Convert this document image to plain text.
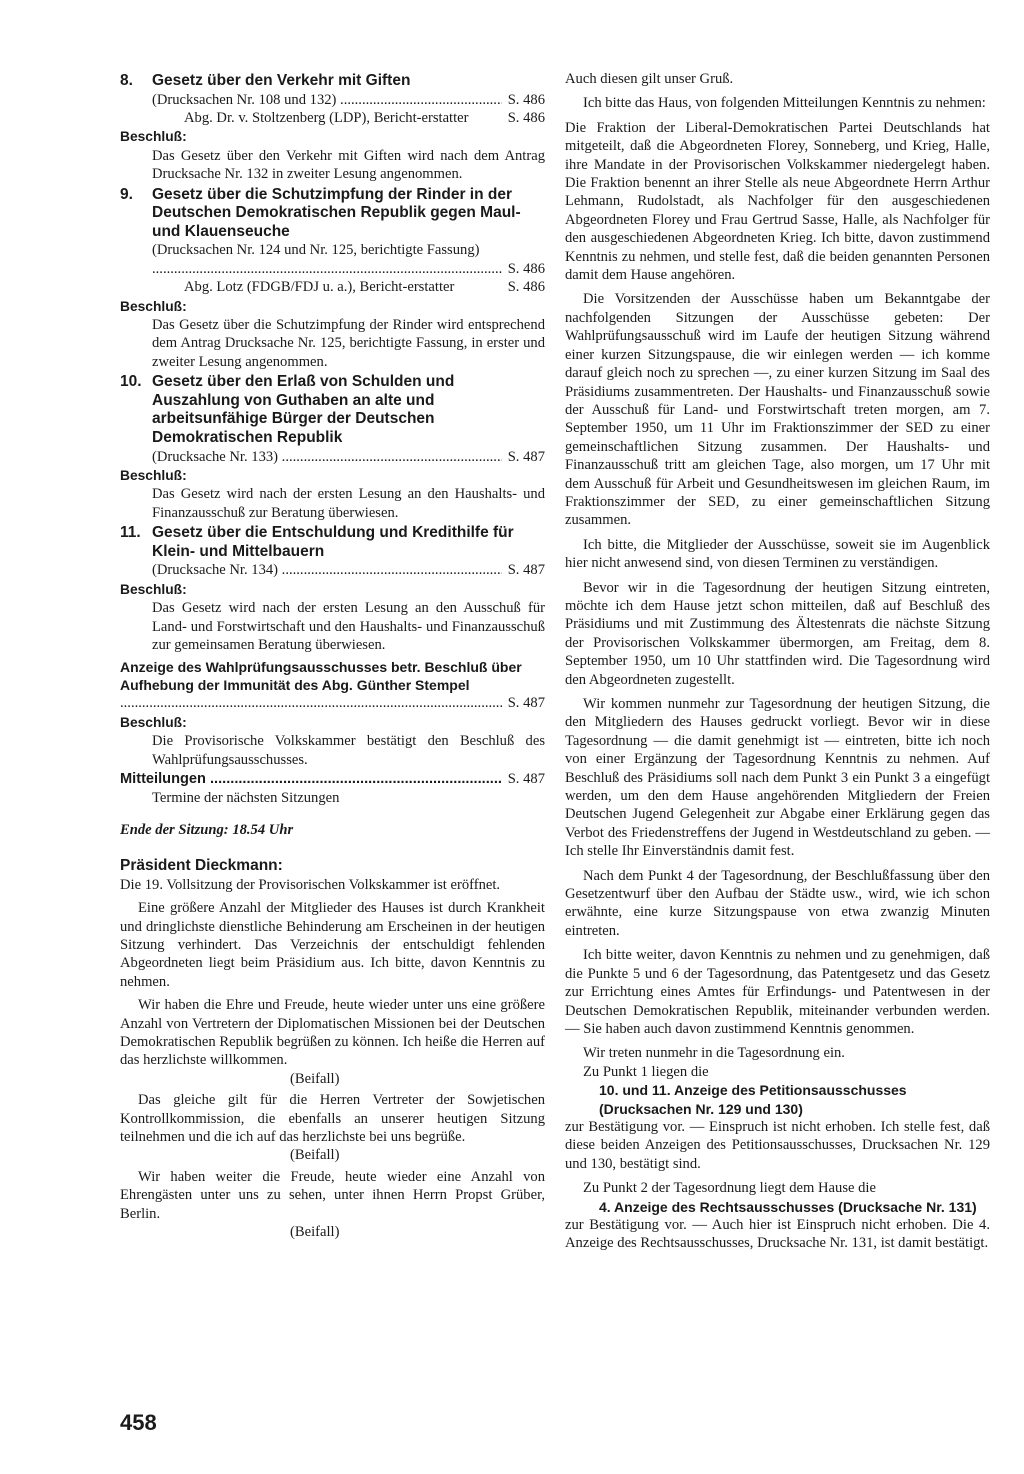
8.	Gesetz über den Verkehr mit Giften
(Drucksachen Nr. 108 und 132) .....	S. 486
Abg. Dr. v. Stoltzenberg (LDP), Bericht-erstatter	S. 486
Beschluß:
Das Gesetz über den Verkehr mit Giften wird nach dem Antrag Drucksache Nr. 132 in zweiter Lesung angenommen.
9.	Gesetz über die Schutzimpfung der Rinder in der Deutschen Demokratischen Republik gegen Maul- und Klauenseuche
(Drucksachen Nr. 124 und Nr. 125, berichtigte Fassung) .....
S. 486
Abg. Lotz (FDGB/FDJ u. a.), Bericht-erstatter	S. 486
Beschluß:
Das Gesetz über die Schutzimpfung der Rinder wird entsprechend dem Antrag Drucksache Nr. 125, berichtigte Fassung, in erster und zweiter Lesung angenommen.
10. Gesetz über den Erlaß von Schulden und Auszahlung von Guthaben an alte und arbeitsunfähige Bürger der Deutschen Demokratischen Republik
(Drucksache Nr. 133) .....	S. 487
Beschluß:
Das Gesetz wird nach der ersten Lesung an den Haushalts- und Finanzausschuß zur Beratung überwiesen.
11. Gesetz über die Entschuldung und Kredithilfe für Klein- und Mittelbauern
(Drucksache Nr. 134) .....	S. 487
Beschluß:
Das Gesetz wird nach der ersten Lesung an den Ausschuß für Land- und Forstwirtschaft und den Haushalts- und Finanzausschuß zur gemeinsamen Beratung überwiesen.
Anzeige des Wahlprüfungsausschusses betr. Beschluß über Aufhebung der Immunität des Abg. Günther Stempel
.....
S. 487
Beschluß:
Die Provisorische Volkskammer bestätigt den Beschluß des Wahlprüfungsausschusses.
Mitteilungen .....	S. 487
Termine der nächsten Sitzungen
Ende der Sitzung: 18.54 Uhr
Präsident Dieckmann:

Die 19. Vollsitzung der Provisorischen Volkskammer ist eröffnet.

Eine größere Anzahl der Mitglieder des Hauses ist durch Krankheit und dringlichste dienstliche Behinderung am Erscheinen in der heutigen Sitzung verhindert. Das Verzeichnis der entschuldigt fehlenden Abgeordneten liegt beim Präsidium aus. Ich bitte, davon Kenntnis zu nehmen.

Wir haben die Ehre und Freude, heute wieder unter uns eine größere Anzahl von Vertretern der Diplomatischen Missionen bei der Deutschen Demokratischen Republik begrüßen zu können. Ich heiße die Herren auf das herzlichste willkommen.

(Beifall)

Das gleiche gilt für die Herren Vertreter der Sowjetischen Kontrollkommission, die ebenfalls an unserer heutigen Sitzung teilnehmen und die ich auf das herzlichste bei uns begrüße.

(Beifall)

Wir haben weiter die Freude, heute wieder eine Anzahl von Ehrengästen unter uns zu sehen, unter ihnen Herrn Propst Grüber, Berlin.

(Beifall)

Auch diesen gilt unser Gruß.

Ich bitte das Haus, von folgenden Mitteilungen Kenntnis zu nehmen:

Die Fraktion der Liberal-Demokratischen Partei Deutschlands hat mitgeteilt, daß die Abgeordneten Florey, Sonneberg, und Krieg, Halle, ihre Mandate in der Provisorischen Volkskammer niedergelegt haben. Die Fraktion benennt an ihrer Stelle als neue Abgeordnete Herrn Arthur Lehmann, Rudolstadt, als Nachfolger für den ausgeschiedenen Abgeordneten Florey und Frau Gertrud Sasse, Halle, als Nachfolger für den ausgeschiedenen Abgeordneten Krieg. Ich bitte, davon zustimmend Kenntnis zu nehmen, und stelle fest, daß die beiden genannten Personen damit dem Hause angehören.

Die Vorsitzenden der Ausschüsse haben um Bekanntgabe der nachfolgenden Sitzungen der Ausschüsse gebeten: Der Wahlprüfungsausschuß wird im Laufe der heutigen Sitzung während einer kurzen Sitzungspause, die wir einlegen werden — ich komme darauf gleich noch zu sprechen —, zu einer kurzen Sitzung im Saal des Präsidiums zusammentreten. Der Haushalts- und Finanzausschuß sowie der Ausschuß für Land- und Forstwirtschaft treten morgen, am 7. September 1950, um 11 Uhr im Fraktionszimmer der SED zu einer gemeinschaftlichen Sitzung zusammen. Der Haushalts- und Finanzausschuß tritt am gleichen Tage, also morgen, um 17 Uhr mit dem Ausschuß für Arbeit und Gesundheitswesen im gleichen Raum, im Fraktionszimmer der SED, zu einer gemeinschaftlichen Sitzung zusammen.

Ich bitte, die Mitglieder der Ausschüsse, soweit sie im Augenblick hier nicht anwesend sind, von diesen Terminen zu verständigen.

Bevor wir in die Tagesordnung der heutigen Sitzung eintreten, möchte ich dem Hause jetzt schon mitteilen, daß auf Beschluß des Präsidiums und mit Zustimmung des Ältestenrats die nächste Sitzung der Provisorischen Volkskammer übermorgen, am Freitag, dem 8. September 1950, um 10 Uhr stattfinden wird. Die Tagesordnung wird den Abgeordneten zugestellt.

Wir kommen nunmehr zur Tagesordnung der heutigen Sitzung, die den Mitgliedern des Hauses gedruckt vorliegt. Bevor wir in diese Tagesordnung — die damit genehmigt ist — eintreten, bitte ich noch von einer Ergänzung der Tagesordnung Kenntnis zu nehmen. Auf Beschluß des Präsidiums soll nach dem Punkt 3 ein Punkt 3 a eingefügt werden, um den dem Hause angehörenden Mitgliedern der Freien Deutschen Jugend Gelegenheit zur Abgabe einer Erklärung gegen das Verbot des Friedenstreffens der Jugend in Westdeutschland zu geben. — Ich stelle Ihr Einverständnis damit fest.

Nach dem Punkt 4 der Tagesordnung, der Beschlußfassung über den Gesetzentwurf über den Aufbau der Städte usw., wird, wie ich schon erwähnte, eine kurze Sitzungspause von etwa zwanzig Minuten eintreten.

Ich bitte weiter, davon Kenntnis zu nehmen und zu genehmigen, daß die Punkte 5 und 6 der Tagesordnung, das Patentgesetz und das Gesetz zur Errichtung eines Amtes für Erfindungs- und Patentwesen in der Deutschen Demokratischen Republik, miteinander verbunden werden. — Sie haben auch davon zustimmend Kenntnis genommen.

Wir treten nunmehr in die Tagesordnung ein.

Zu Punkt 1 liegen die

10. und 11. Anzeige des Petitionsausschusses
(Drucksachen Nr. 129 und 130)

zur Bestätigung vor. — Einspruch ist nicht erhoben. Ich stelle fest, daß diese beiden Anzeigen des Petitionsausschusses, Drucksachen Nr. 129 und 130, bestätigt sind.

Zu Punkt 2 der Tagesordnung liegt dem Hause die

4. Anzeige des Rechtsausschusses (Drucksache Nr. 131)

zur Bestätigung vor. — Auch hier ist Einspruch nicht erhoben. Die 4. Anzeige des Rechtsausschusses, Drucksache Nr. 131, ist damit bestätigt.

458
